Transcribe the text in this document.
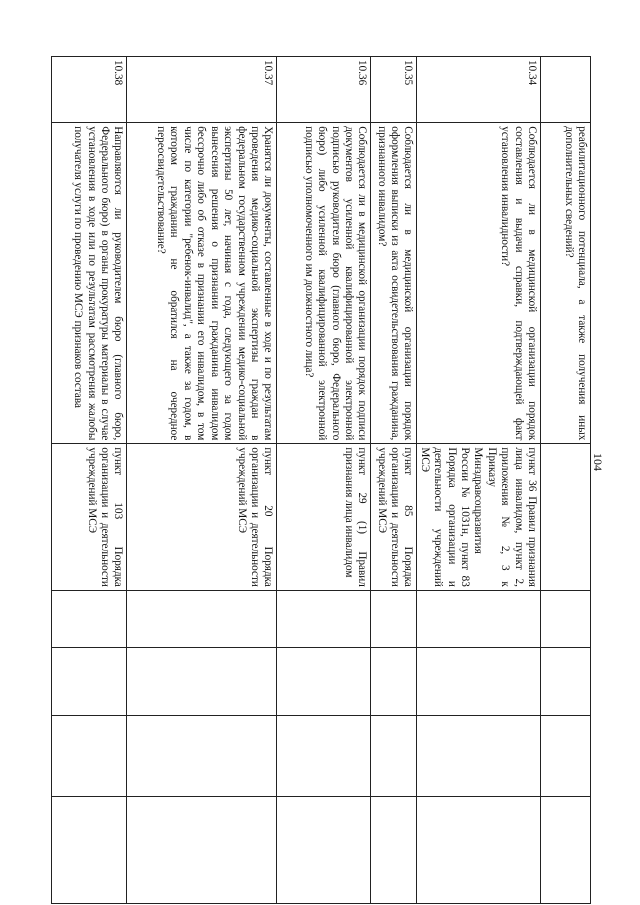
104
	реабилитационного потенциала, а также получения иных дополнительных сведений?					
10.34	Соблюдается ли в медицинской организации порядок составления и выдачи справки, подтверждающей факт установления инвалидности?	пункт 36 Правил признания лица инвалидом, пункт 2, приложения № 2, 3 к Приказу Минздравсоцразвития России № 1031н, пункт 83 Порядка организации и деятельности учреждений МСЭ				
10.35	Соблюдается ли в медицинской организации порядок оформления выписки из акта освидетельствования гражданина, признанного инвалидом?	пункт 85 Порядка организации и деятельности учреждений МСЭ				
10.36	Соблюдается ли в медицинской организации порядок подписи документов усиленной квалифицированной электронной подписью руководителя бюро (главного бюро, Федерального бюро) либо усиленной квалифицированной электронной подписью уполномоченного им должностного лица?	пункт 29 (1) Правил признания лица инвалидом				
10.37	Хранятся ли документы, составленные в ходе и по результатам проведения медико-социальной экспертизы граждан в федеральном государственном учреждении медико-социальной экспертизы 50 лет, начиная с года, следующего за годом вынесения решения о признании гражданина инвалидом бессрочно либо об отказе в признании его инвалидом, в том числе по категории "ребенок-инвалид", а также за годом, в котором гражданин не обратился на очередное переосвидетельствование?	пункт 20 Порядка организации и деятельности учреждений МСЭ				
10.38	Направляются ли руководителем бюро (главного бюро, Федерального бюро) в органы прокуратуры материалы в случае установления в ходе или по результатам рассмотрения жалобы получателя услуги по проведению МСЭ признаков состава	пункт 103 Порядка организации и деятельности учреждений МСЭ				
